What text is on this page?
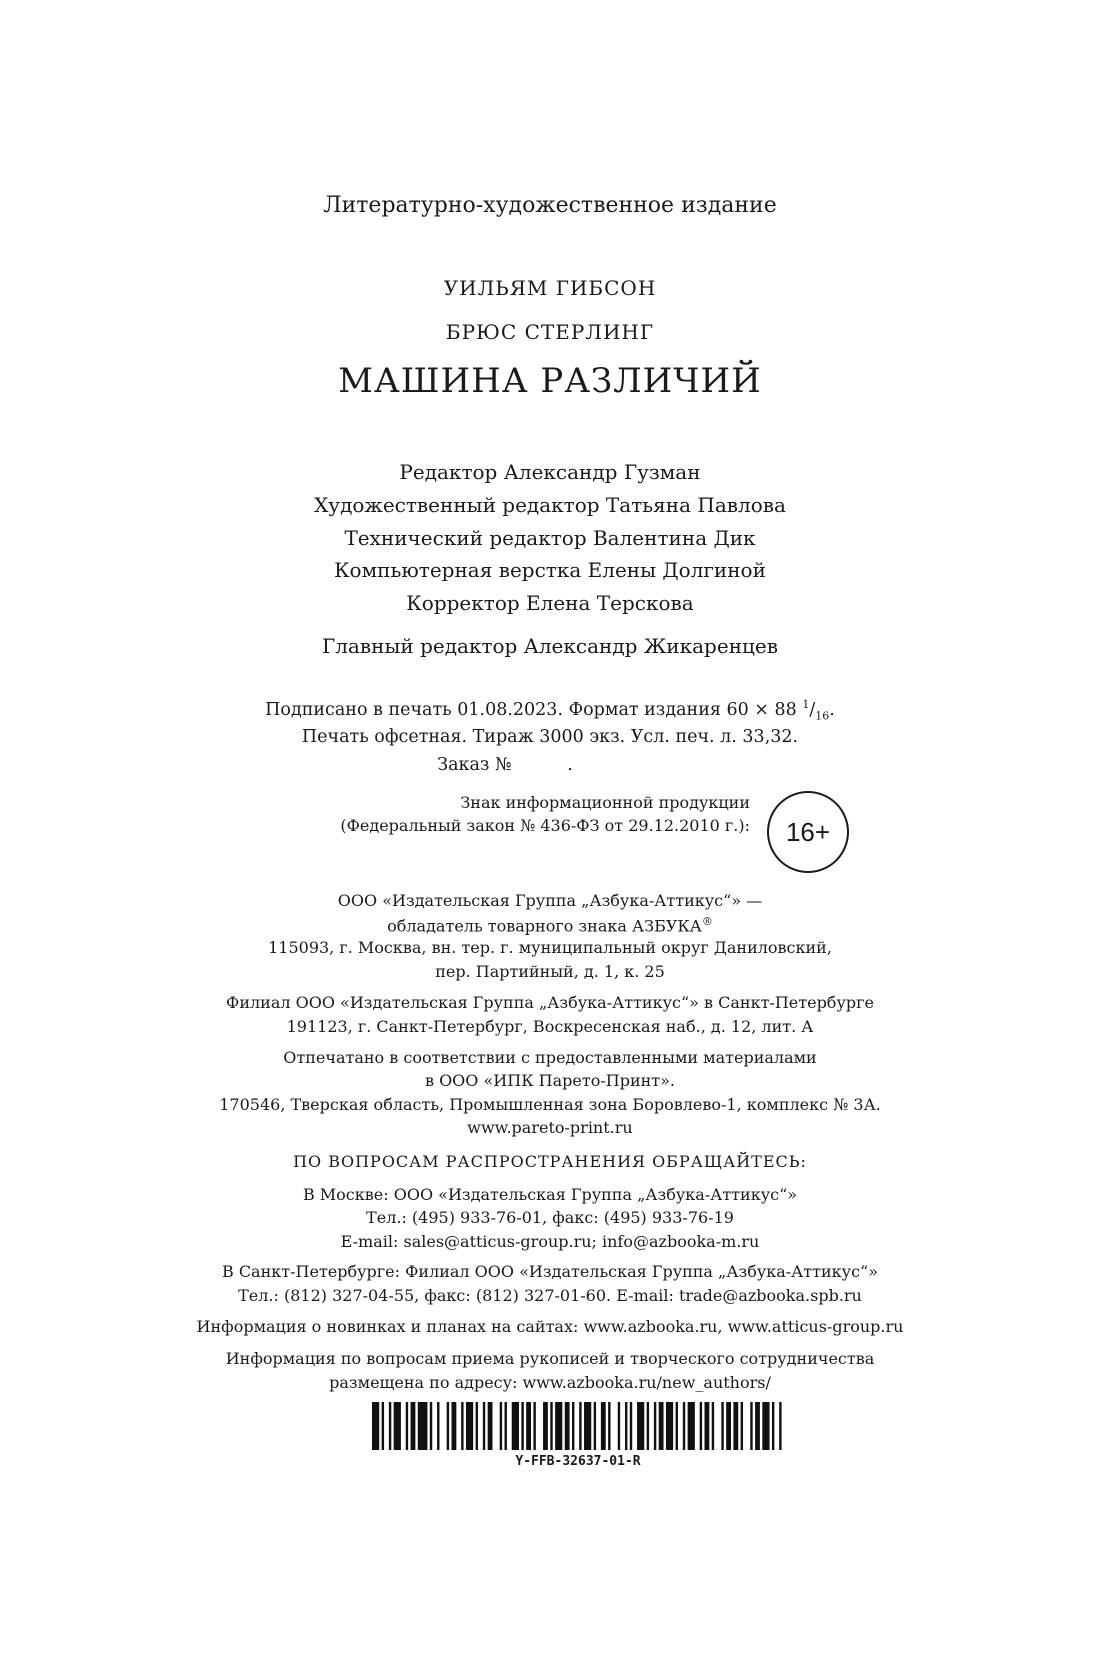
Литературно-художественное издание
УИЛЬЯМ ГИБСОН
БРЮС СТЕРЛИНГ
МАШИНА РАЗЛИЧИЙ
Редактор Александр Гузман
Художественный редактор Татьяна Павлова
Технический редактор Валентина Дик
Компьютерная верстка Елены Долгиной
Корректор Елена Терскова
Главный редактор Александр Жикаренцев
Подписано в печать 01.08.2023. Формат издания 60 × 88 $^1/_{16}$.
Печать офсетная. Тираж 3000 экз. Усл. печ. л. 33,32.
Заказ №          .
Знак информационной продукции
(Федеральный закон № 436-ФЗ от 29.12.2010 г.):	16+
ООО «Издательская Группа „Азбука-Аттикус“» —
обладатель товарного знака АЗБУКА®
115093, г. Москва, вн. тер. г. муниципальный округ Даниловский,
пер. Партийный, д. 1, к. 25
Филиал ООО «Издательская Группа „Азбука-Аттикус“» в Санкт-Петербурге
191123, г. Санкт-Петербург, Воскресенская наб., д. 12, лит. А
Отпечатано в соответствии с предоставленными материалами
в ООО «ИПК Парето-Принт».
170546, Тверская область, Промышленная зона Боровлево-1, комплекс № 3А.
www.pareto-print.ru
ПО ВОПРОСАМ РАСПРОСТРАНЕНИЯ ОБРАЩАЙТЕСЬ:
В Москве: ООО «Издательская Группа „Азбука-Аттикус“»
Тел.: (495) 933-76-01, факс: (495) 933-76-19
E-mail: sales@atticus-group.ru; info@azbooka-m.ru
В Санкт-Петербурге: Филиал ООО «Издательская Группа „Азбука-Аттикус“»
Тел.: (812) 327-04-55, факс: (812) 327-01-60. E-mail: trade@azbooka.spb.ru
Информация о новинках и планах на сайтах: www.azbooka.ru, www.atticus-group.ru
Информация по вопросам приема рукописей и творческого сотрудничества
размещена по адресу: www.azbooka.ru/new_authors/
Y-FFB-32637-01-R
